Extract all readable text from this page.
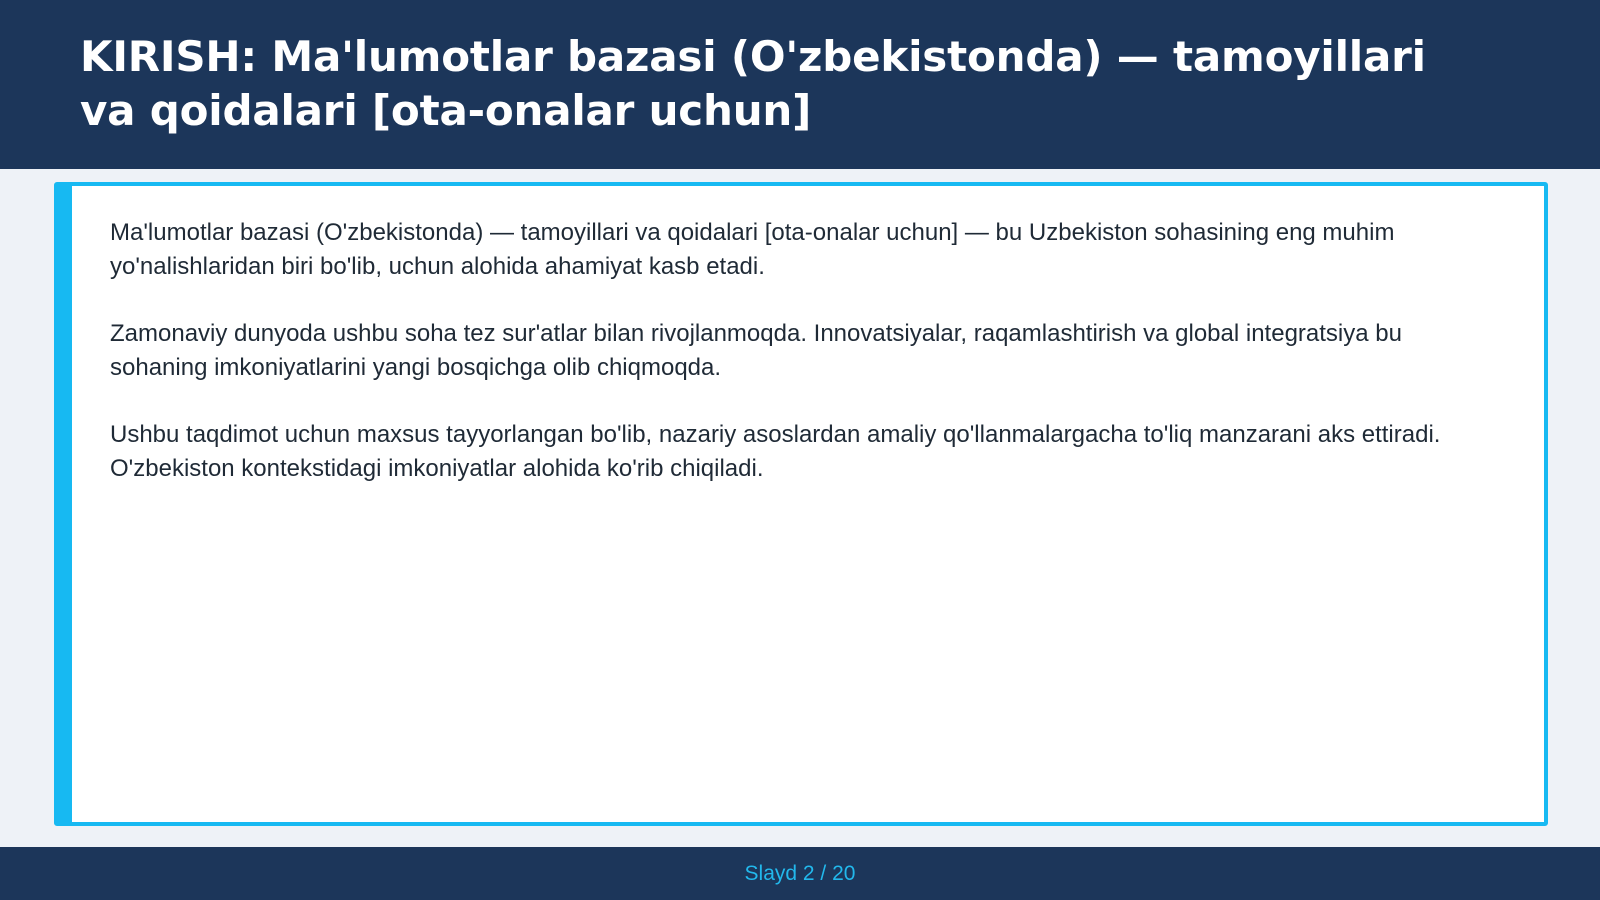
KIRISH: Ma'lumotlar bazasi (O'zbekistonda) — tamoyillari va qoidalari [ota-onalar uchun]

Ma'lumotlar bazasi (O'zbekistonda) — tamoyillari va qoidalari [ota-onalar uchun] — bu Uzbekiston sohasining eng muhim yo'nalishlaridan biri bo'lib, uchun alohida ahamiyat kasb etadi.

Zamonaviy dunyoda ushbu soha tez sur'atlar bilan rivojlanmoqda. Innovatsiyalar, raqamlashtirish va global integratsiya bu sohaning imkoniyatlarini yangi bosqichga olib chiqmoqda.

Ushbu taqdimot uchun maxsus tayyorlangan bo'lib, nazariy asoslardan amaliy qo'llanmalargacha to'liq manzarani aks ettiradi. O'zbekiston kontekstidagi imkoniyatlar alohida ko'rib chiqiladi.

Slayd 2 / 20
